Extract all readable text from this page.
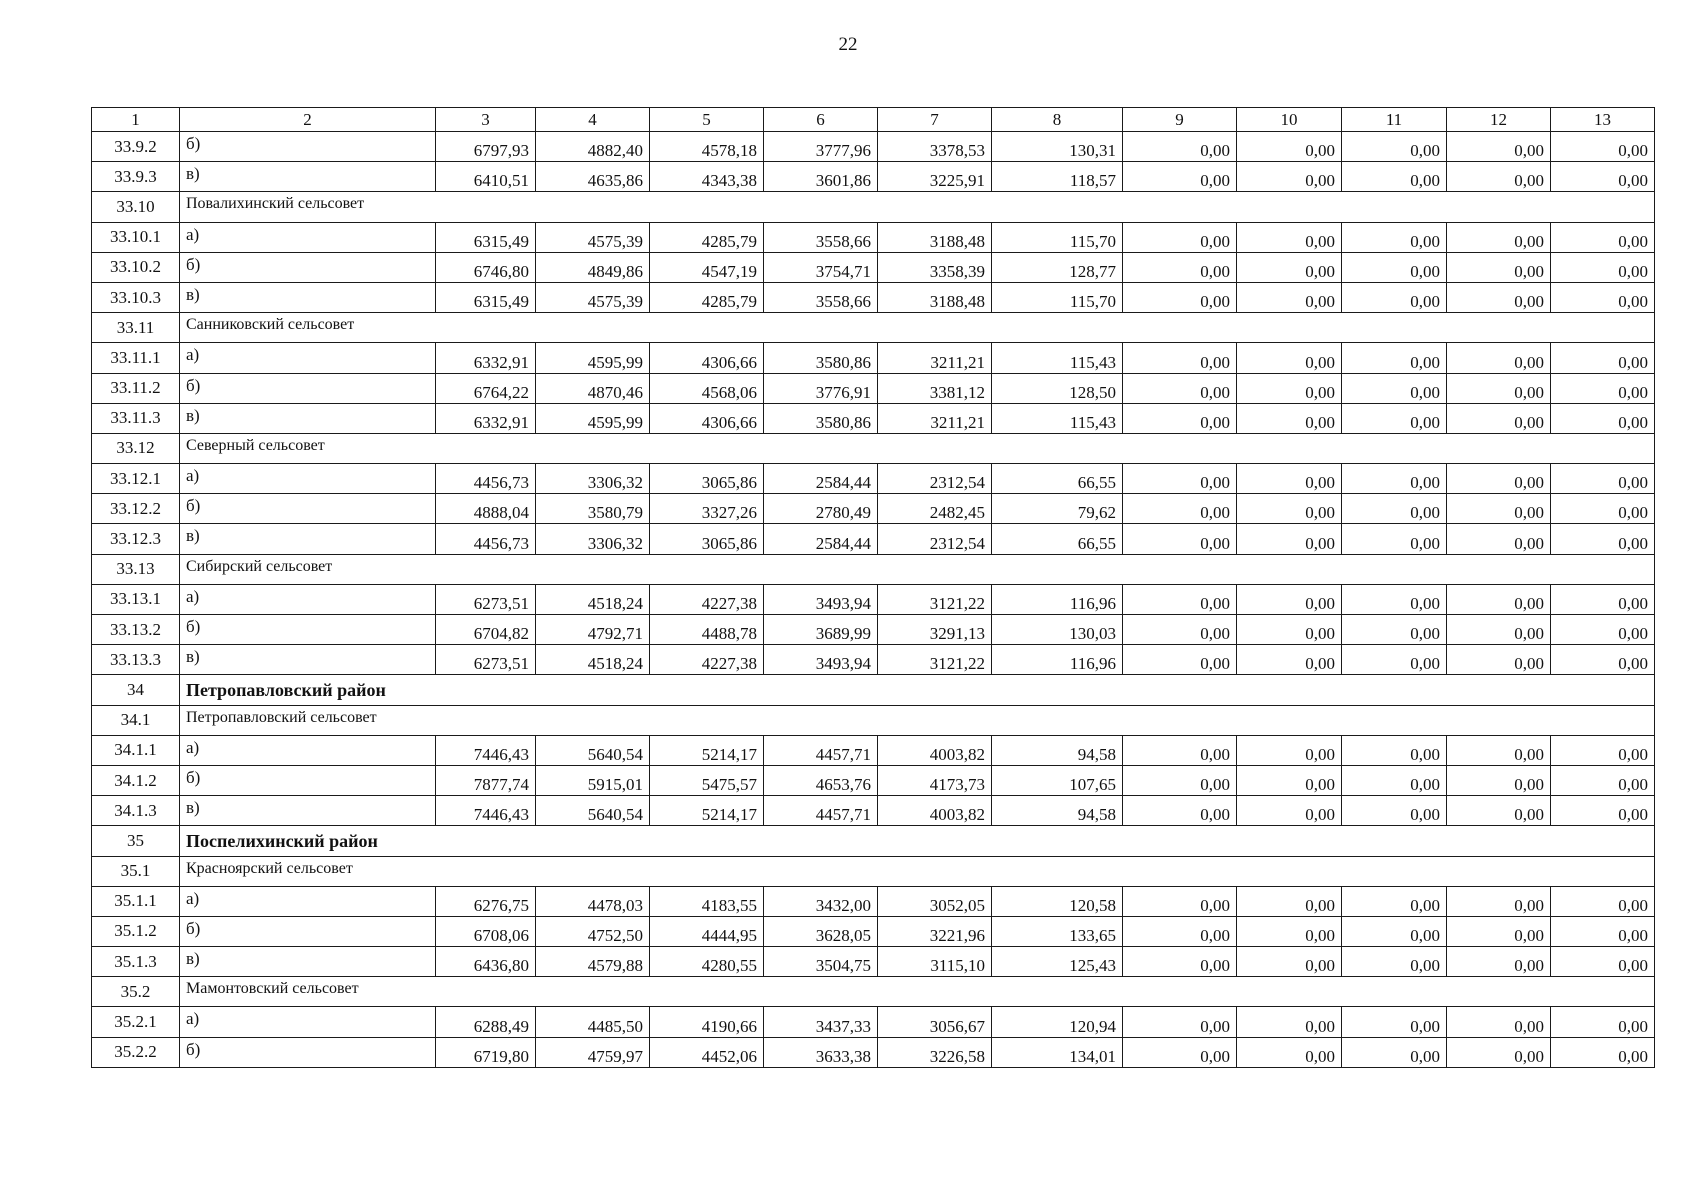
22
1	2	3	4	5	6	7	8	9	10	11	12	13
33.9.2	б)	6797,93	4882,40	4578,18	3777,96	3378,53	130,31	0,00	0,00	0,00	0,00	0,00
33.9.3	в)	6410,51	4635,86	4343,38	3601,86	3225,91	118,57	0,00	0,00	0,00	0,00	0,00
33.10	Повалихинский сельсовет											
33.10.1	а)	6315,49	4575,39	4285,79	3558,66	3188,48	115,70	0,00	0,00	0,00	0,00	0,00
33.10.2	б)	6746,80	4849,86	4547,19	3754,71	3358,39	128,77	0,00	0,00	0,00	0,00	0,00
33.10.3	в)	6315,49	4575,39	4285,79	3558,66	3188,48	115,70	0,00	0,00	0,00	0,00	0,00
33.11	Санниковский сельсовет											
33.11.1	а)	6332,91	4595,99	4306,66	3580,86	3211,21	115,43	0,00	0,00	0,00	0,00	0,00
33.11.2	б)	6764,22	4870,46	4568,06	3776,91	3381,12	128,50	0,00	0,00	0,00	0,00	0,00
33.11.3	в)	6332,91	4595,99	4306,66	3580,86	3211,21	115,43	0,00	0,00	0,00	0,00	0,00
33.12	Северный сельсовет											
33.12.1	а)	4456,73	3306,32	3065,86	2584,44	2312,54	66,55	0,00	0,00	0,00	0,00	0,00
33.12.2	б)	4888,04	3580,79	3327,26	2780,49	2482,45	79,62	0,00	0,00	0,00	0,00	0,00
33.12.3	в)	4456,73	3306,32	3065,86	2584,44	2312,54	66,55	0,00	0,00	0,00	0,00	0,00
33.13	Сибирский сельсовет											
33.13.1	а)	6273,51	4518,24	4227,38	3493,94	3121,22	116,96	0,00	0,00	0,00	0,00	0,00
33.13.2	б)	6704,82	4792,71	4488,78	3689,99	3291,13	130,03	0,00	0,00	0,00	0,00	0,00
33.13.3	в)	6273,51	4518,24	4227,38	3493,94	3121,22	116,96	0,00	0,00	0,00	0,00	0,00
34	Петропавловский район											
34.1	Петропавловский сельсовет											
34.1.1	а)	7446,43	5640,54	5214,17	4457,71	4003,82	94,58	0,00	0,00	0,00	0,00	0,00
34.1.2	б)	7877,74	5915,01	5475,57	4653,76	4173,73	107,65	0,00	0,00	0,00	0,00	0,00
34.1.3	в)	7446,43	5640,54	5214,17	4457,71	4003,82	94,58	0,00	0,00	0,00	0,00	0,00
35	Поспелихинский район											
35.1	Красноярский сельсовет											
35.1.1	а)	6276,75	4478,03	4183,55	3432,00	3052,05	120,58	0,00	0,00	0,00	0,00	0,00
35.1.2	б)	6708,06	4752,50	4444,95	3628,05	3221,96	133,65	0,00	0,00	0,00	0,00	0,00
35.1.3	в)	6436,80	4579,88	4280,55	3504,75	3115,10	125,43	0,00	0,00	0,00	0,00	0,00
35.2	Мамонтовский сельсовет											
35.2.1	а)	6288,49	4485,50	4190,66	3437,33	3056,67	120,94	0,00	0,00	0,00	0,00	0,00
35.2.2	б)	6719,80	4759,97	4452,06	3633,38	3226,58	134,01	0,00	0,00	0,00	0,00	0,00
